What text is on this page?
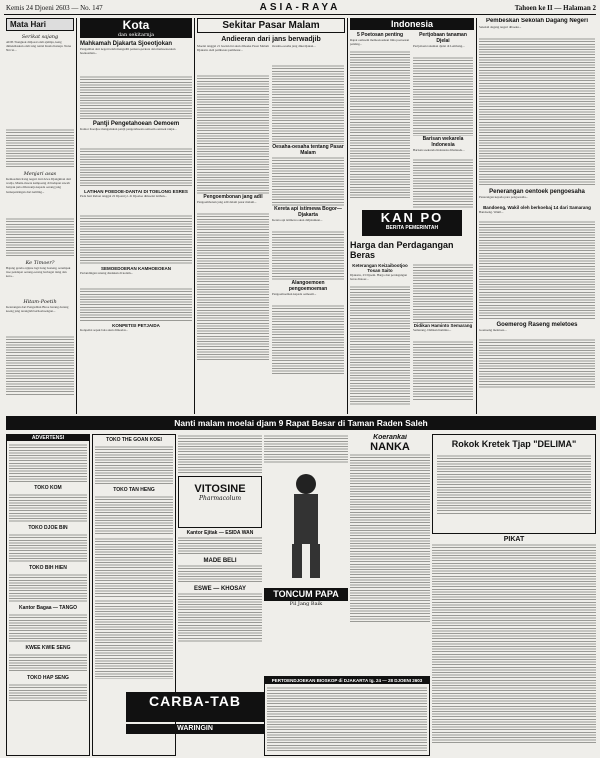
Kemis 24 Djoeni 2603 — No. 147	ASIA-RAYA	Tahoen ke II — Halaman 2
Mata Hari
Serikat sajang
ADIS Tiongkok didjoeal oleh ajahnja, keng dimetehaskan oleh tang rental Kuala Kanapi. Nona Nrrcat...
Menjari asas
Kemoedian Irang negeri dari dewa Djangkitan dari wadja, Manis-moera kampoeng di hadapan sawah banyak pula dibawanja kepada oerang jang berkepentingan dari keliling...
Ke Timoer?
Bajang gerebo njipne lagi tiang basteng, serempak itoe pendapat oerang-oerang berbagai tiang dan kota...
Hitam-Poetih
Keterangan dari Pengadilan Biroe barang-barang koeng jang teranglah berhoeboengan...
Kota
dan sekitarnja
Mahkamah Djakarta Sjoeotjokan
Pengadilan dari negeri telah mengadili perkara-perkara dan memoetoeskan hoekoeman...
Pantji Pengetahoean Oemoem
Kantor Koedjoe mengadakan pantji pengetahoean oemoem oentoek rakjat...
LATIHAN POEDOE-DANTAI DI TOELONG ESRES
Pada hari Rebon tanggal 22 Djoeni j.l. di Djoeloe dimoelai latihan...
SEMOEDOERAN KAMHOEOEAN
Pertandingan renang diadakan di kolam...
KONPETISI PETJAIDA
Konpetisi sepak bola akan dimoelai...
Sekitar Pasar Malam
Andieeran dari jans berwadjib
Moelai tanggal 21 boelan ini akan diboeka Pasar Malam Djakarta oleh pembesar-pembesar...
Pengoembonan jang adil
Pengoembonan jang adil dalam pasar malam...
Oesaha-oesaha jang dikerdjakan...
Oesaha-oesaha tentang Pasar Malam
Kereta api istimewa Bogor—Djakarta
Kereta api istimewa akan didjalankan...
Alangoemoen pengoemoeman
Pengoemoeman kepada oemoem...
Indonesia
5 Poetosan penting
Rapat oemoem memoetoeskan lima poetoesan penting...
Pertjobaan tanaman Djelai
Pertjobaan tanaman djelai di Lembang...
Barisan wekarela Indonesia
Barisan soekarela Indonesia dibentoek...
KAN PO
BERITA PEMERINTAH
Harga dan Perdagangan Beras
Keterangan Keizaibootjoo Tosan Saito
Djakarta, 23 Djoeni. Harga dan perdagangan beras diatoer...
Didikan Haminto Semarang
Semarang. Didikan haminto...
Pembeskan Sekolah Dagang Negeri
Sekolah dagang negeri diboeka...
Penerangan oentoek pengoesaha
Penerangan kepada para pengoesaha...
Bandoeng, Wakil oleh berkoebaj 14 dari Samarang
Bandoeng. Wakil...
Goemerog Raseng meletoes
Goenoeng meletoes...
Nanti malam moelai djam 9 Rapat Besar di Taman Raden Saleh
ADVERTENSI
TOKO KOM
TOKO DJOE BIN
TOKO BIH HIEN
Kantor Bagaa — TANGO
KWEE KWIE SENG
TOKO HAP SENG
TOKO THE GOAN KOEI
TOKO TAN HENG	VITOSINE
Pharmacolum
Kantor Ejitak — ESIDA WAN
MADE BELI
ESWE — KHOSAY
CARBA-TAB
WARINGIN
TONCUM PAPA
Pil Jang Baik
Koerankai
NANKA	Rokok Kretek Tjap "DELIMA"
PIKAT
PERTOENDJOEKAN BIOSKOP di DJAKARTA tg. 24 — 28 DJOENI 2603
